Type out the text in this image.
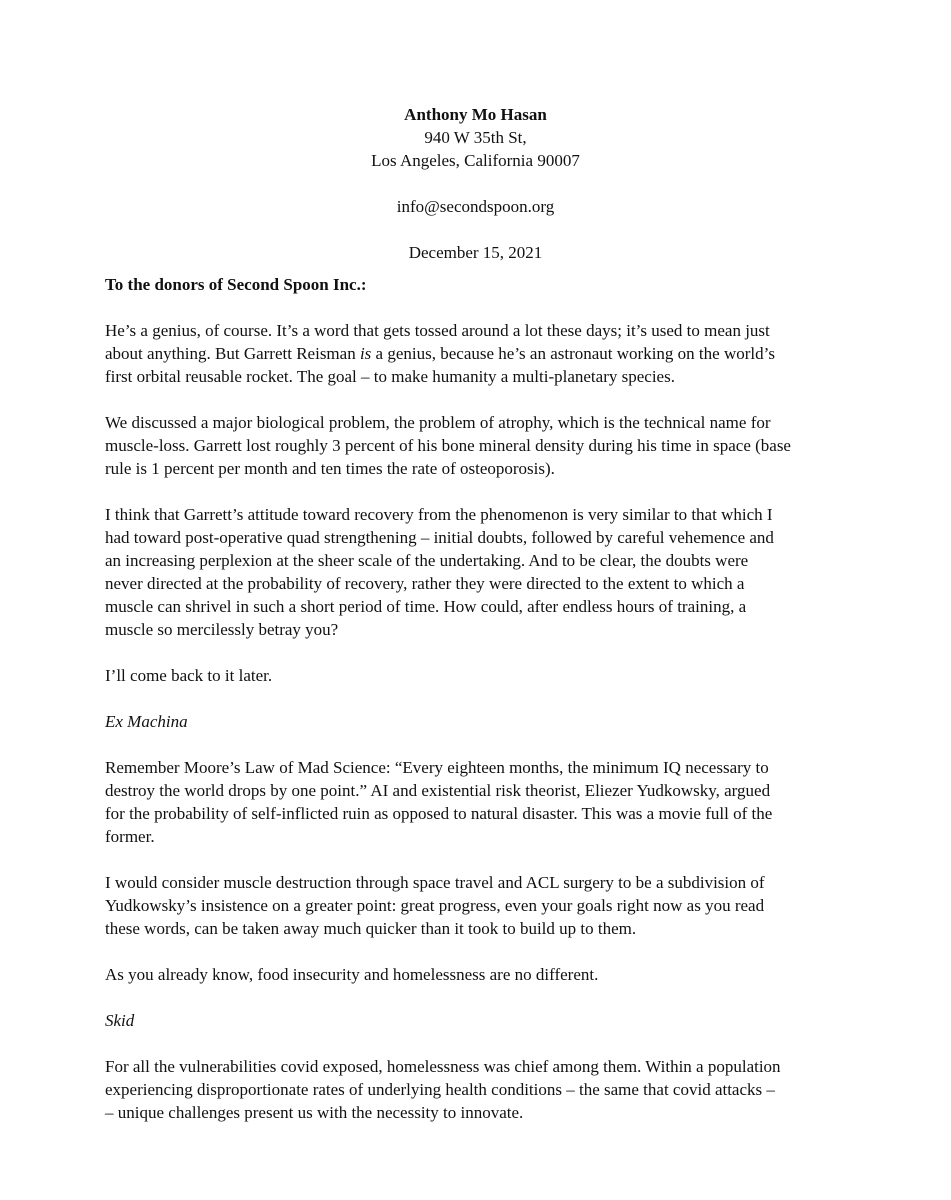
Anthony Mo Hasan
940 W 35th St,
Los Angeles, California 90007
info@secondspoon.org
December 15, 2021

To the donors of Second Spoon Inc.:

He’s a genius, of course. It’s a word that gets tossed around a lot these days; it’s used to mean just
about anything. But Garrett Reisman is a genius, because he’s an astronaut working on the world’s
first orbital reusable rocket. The goal – to make humanity a multi-planetary species.

We discussed a major biological problem, the problem of atrophy, which is the technical name for
muscle-loss. Garrett lost roughly 3 percent of his bone mineral density during his time in space (base
rule is 1 percent per month and ten times the rate of osteoporosis).

I think that Garrett’s attitude toward recovery from the phenomenon is very similar to that which I
had toward post-operative quad strengthening – initial doubts, followed by careful vehemence and
an increasing perplexion at the sheer scale of the undertaking. And to be clear, the doubts were
never directed at the probability of recovery, rather they were directed to the extent to which a
muscle can shrivel in such a short period of time. How could, after endless hours of training, a
muscle so mercilessly betray you?

I’ll come back to it later.

Ex Machina

Remember Moore’s Law of Mad Science: “Every eighteen months, the minimum IQ necessary to
destroy the world drops by one point.” AI and existential risk theorist, Eliezer Yudkowsky, argued
for the probability of self-inflicted ruin as opposed to natural disaster. This was a movie full of the
former.

I would consider muscle destruction through space travel and ACL surgery to be a subdivision of
Yudkowsky’s insistence on a greater point: great progress, even your goals right now as you read
these words, can be taken away much quicker than it took to build up to them.

As you already know, food insecurity and homelessness are no different.

Skid

For all the vulnerabilities covid exposed, homelessness was chief among them. Within a population
experiencing disproportionate rates of underlying health conditions – the same that covid attacks –
– unique challenges present us with the necessity to innovate.
